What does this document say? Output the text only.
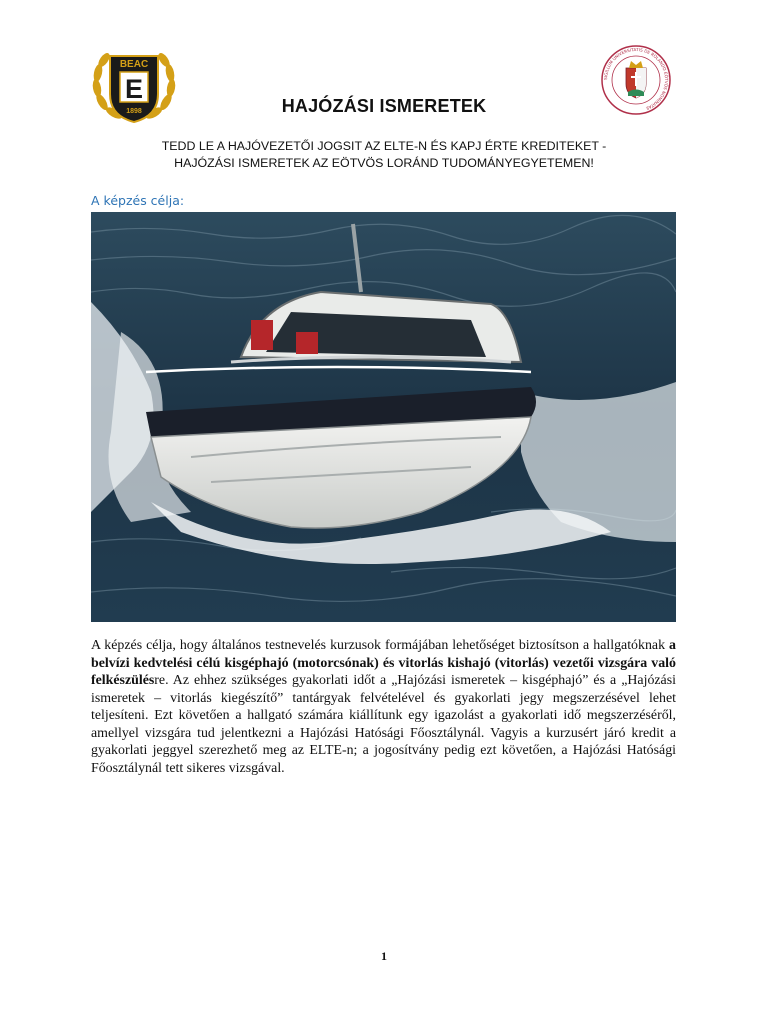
BEAC
E
1898
SIGILLUM UNIVERSITATIS DE ROLANDO EÖTVÖS NOMINATAE
HAJÓZÁSI ISMERETEK
TEDD LE A HAJÓVEZETŐI JOGSIT AZ ELTE-N ÉS KAPJ ÉRTE KREDITEKET -
HAJÓZÁSI ISMERETEK AZ EÖTVÖS LORÁND TUDOMÁNYEGYETEMEN!
A képzés célja:

A képzés célja, hogy általános testnevelés kurzusok formájában lehetőséget biztosítson a hallgatóknak a belvízi kedvtelési célú kisgéphajó (motorcsónak) és vitorlás kishajó (vitorlás) vezetői vizsgára való felkészülésre. Az ehhez szükséges gyakorlati időt a „Hajózási ismeretek – kisgéphajó” és a „Hajózási ismeretek – vitorlás kiegészítő” tantárgyak felvételével és gyakorlati jegy megszerzésével lehet teljesíteni. Ezt követően a hallgató számára kiállítunk egy igazolást a gyakorlati idő megszerzéséről, amellyel vizsgára tud jelentkezni a Hajózási Hatósági Főosztálynál. Vagyis a kurzusért járó kredit a gyakorlati jeggyel szerezhető meg az ELTE-n; a jogosítvány pedig ezt követően, a Hajózási Hatósági Főosztálynál tett sikeres vizsgával.

1
